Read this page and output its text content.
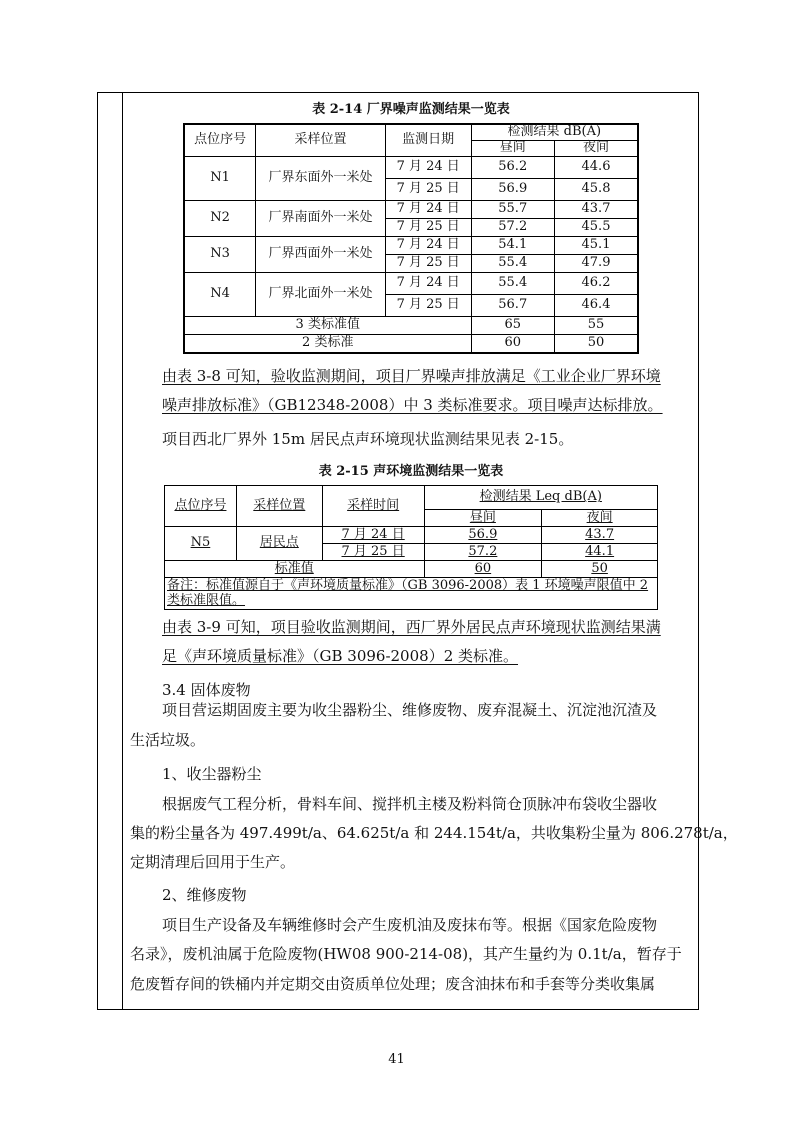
表 2-14 厂界噪声监测结果一览表
点位序号	采样位置	监测日期	检测结果 dB(A)	
			昼间	夜间
N1	厂界东面外一米处	7 月 24 日	56.2	44.6
		7 月 25 日	56.9	45.8
N2	厂界南面外一米处	7 月 24 日	55.7	43.7
		7 月 25 日	57.2	45.5
N3	厂界西面外一米处	7 月 24 日	54.1	45.1
		7 月 25 日	55.4	47.9
N4	厂界北面外一米处	7 月 24 日	55.4	46.2
		7 月 25 日	56.7	46.4
3 类标准值			65	55
2 类标准			60	50
由表 3-8 可知，验收监测期间，项目厂界噪声排放满足《工业企业厂界环境
噪声排放标准》（GB12348-2008）中 3 类标准要求。项目噪声达标排放。
项目西北厂界外 15m 居民点声环境现状监测结果见表 2-15。
表 2-15 声环境监测结果一览表
点位序号	采样位置	采样时间	检测结果 Leq dB(A)	
			昼间	夜间
N5	居民点	7 月 24 日	56.9	43.7
		7 月 25 日	57.2	44.1
标准值			60	50
备注：标准值源自于《声环境质量标准》（GB 3096-2008）表 1 环境噪声限值中 2 类标准限值。				
由表 3-9 可知，项目验收监测期间，西厂界外居民点声环境现状监测结果满
足《声环境质量标准》（GB 3096-2008）2 类标准。
3.4 固体废物
项目营运期固废主要为收尘器粉尘、维修废物、废弃混凝土、沉淀池沉渣及
生活垃圾。
1、收尘器粉尘
根据废气工程分析，骨料车间、搅拌机主楼及粉料筒仓顶脉冲布袋收尘器收
集的粉尘量各为 497.499t/a、64.625t/a 和 244.154t/a，共收集粉尘量为 806.278t/a，
定期清理后回用于生产。
2、维修废物
项目生产设备及车辆维修时会产生废机油及废抹布等。根据《国家危险废物
名录》，废机油属于危险废物(HW08 900-214-08)，其产生量约为 0.1t/a，暂存于
危废暂存间的铁桶内并定期交由资质单位处理；废含油抹布和手套等分类收集属
41
